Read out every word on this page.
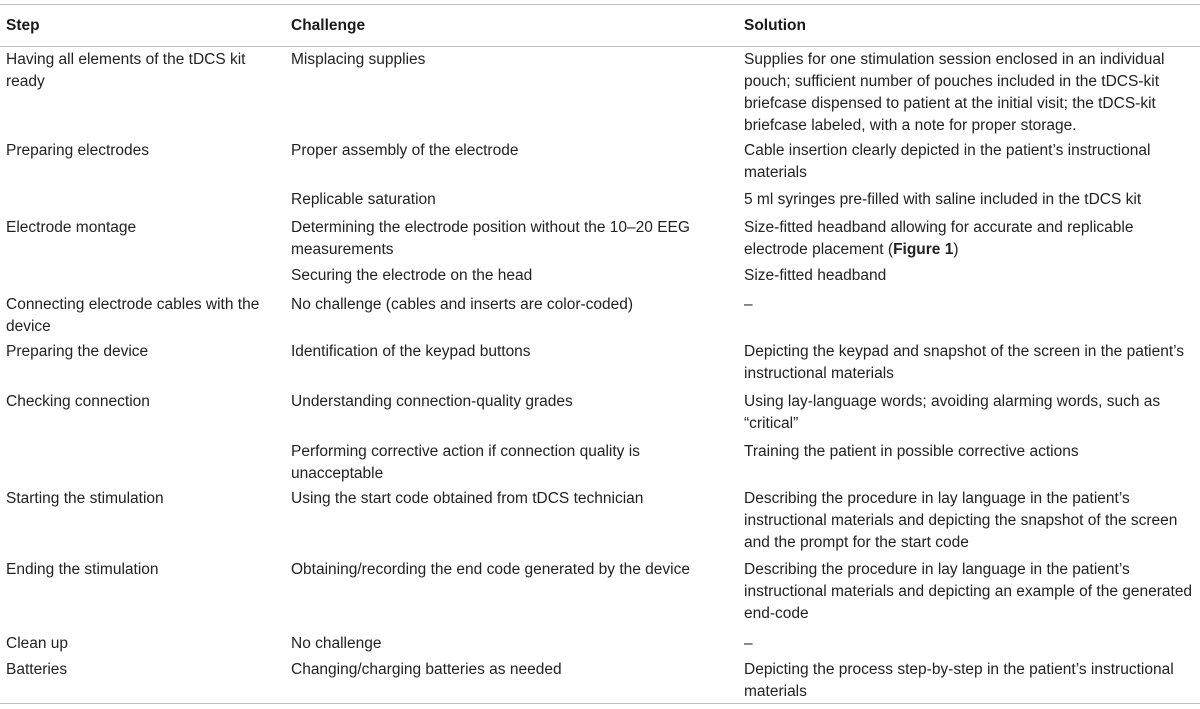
Step	Challenge	Solution
Having all elements of the tDCS kit ready	Misplacing supplies	Supplies for one stimulation session enclosed in an individual pouch; sufficient number of pouches included in the tDCS-kit briefcase dispensed to patient at the initial visit; the tDCS-kit briefcase labeled, with a note for proper storage.
Preparing electrodes	Proper assembly of the electrode	Cable insertion clearly depicted in the patient’s instructional materials
	Replicable saturation	5 ml syringes pre-filled with saline included in the tDCS kit
Electrode montage	Determining the electrode position without the 10–20 EEG measurements	Size-fitted headband allowing for accurate and replicable electrode placement (Figure 1)
	Securing the electrode on the head	Size-fitted headband
Connecting electrode cables with the device	No challenge (cables and inserts are color-coded)	–
Preparing the device	Identification of the keypad buttons	Depicting the keypad and snapshot of the screen in the patient’s instructional materials
Checking connection	Understanding connection-quality grades	Using lay-language words; avoiding alarming words, such as “critical”
	Performing corrective action if connection quality is unacceptable	Training the patient in possible corrective actions
Starting the stimulation	Using the start code obtained from tDCS technician	Describing the procedure in lay language in the patient’s instructional materials and depicting the snapshot of the screen and the prompt for the start code
Ending the stimulation	Obtaining/recording the end code generated by the device	Describing the procedure in lay language in the patient’s instructional materials and depicting an example of the generated end-code
Clean up	No challenge	–
Batteries	Changing/charging batteries as needed	Depicting the process step-by-step in the patient’s instructional materials
